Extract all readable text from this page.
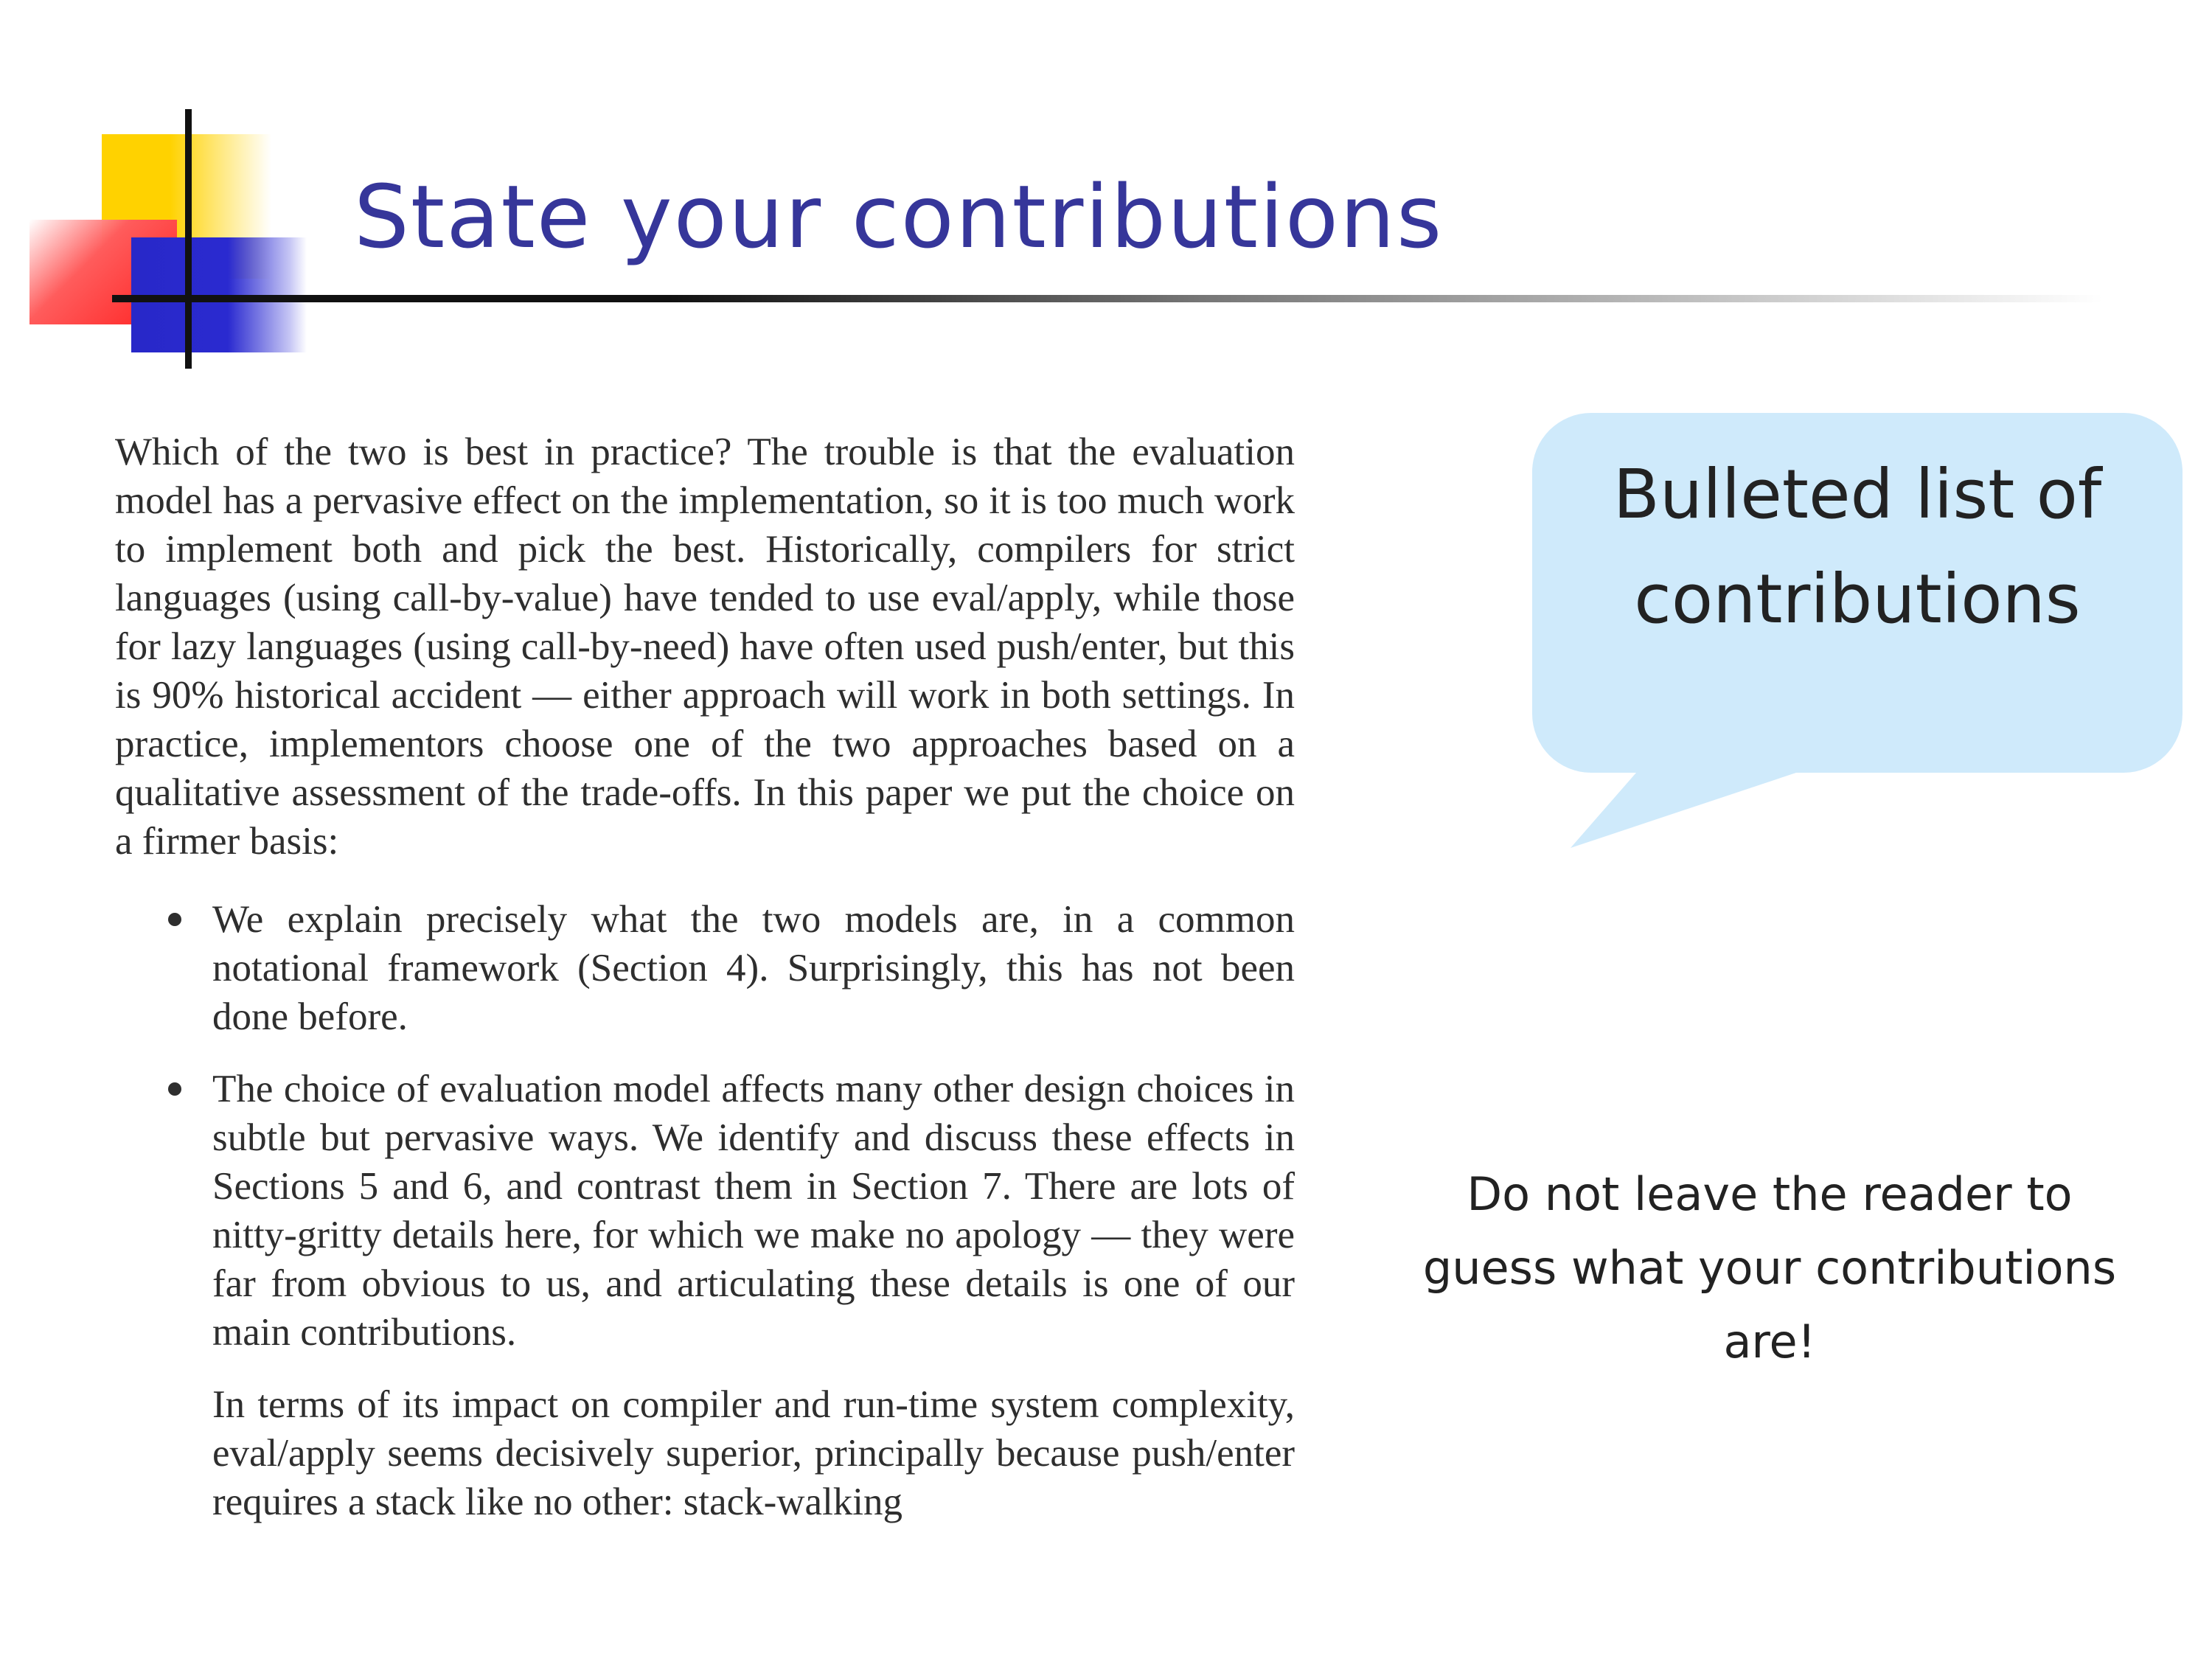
State your contributions

Which of the two is best in practice? The trouble is that the evaluation model has a pervasive effect on the implementation, so it is too much work to implement both and pick the best. Historically, compilers for strict languages (using call-by-value) have tended to use eval/apply, while those for lazy languages (using call-by-need) have often used push/enter, but this is 90% historical accident — either approach will work in both settings. In practice, implementors choose one of the two approaches based on a qualitative assessment of the trade-offs. In this paper we put the choice on a firmer basis:

We explain precisely what the two models are, in a common notational framework (Section 4). Surprisingly, this has not been done before.
The choice of evaluation model affects many other design choices in subtle but pervasive ways. We identify and discuss these effects in Sections 5 and 6, and contrast them in Section 7. There are lots of nitty-gritty details here, for which we make no apology — they were far from obvious to us, and articulating these details is one of our main contributions.

In terms of its impact on compiler and run-time system complexity, eval/apply seems decisively superior, principally because push/enter requires a stack like no other: stack-walking

Bulleted list of contributions
Do not leave the reader to guess what your contributions are!
